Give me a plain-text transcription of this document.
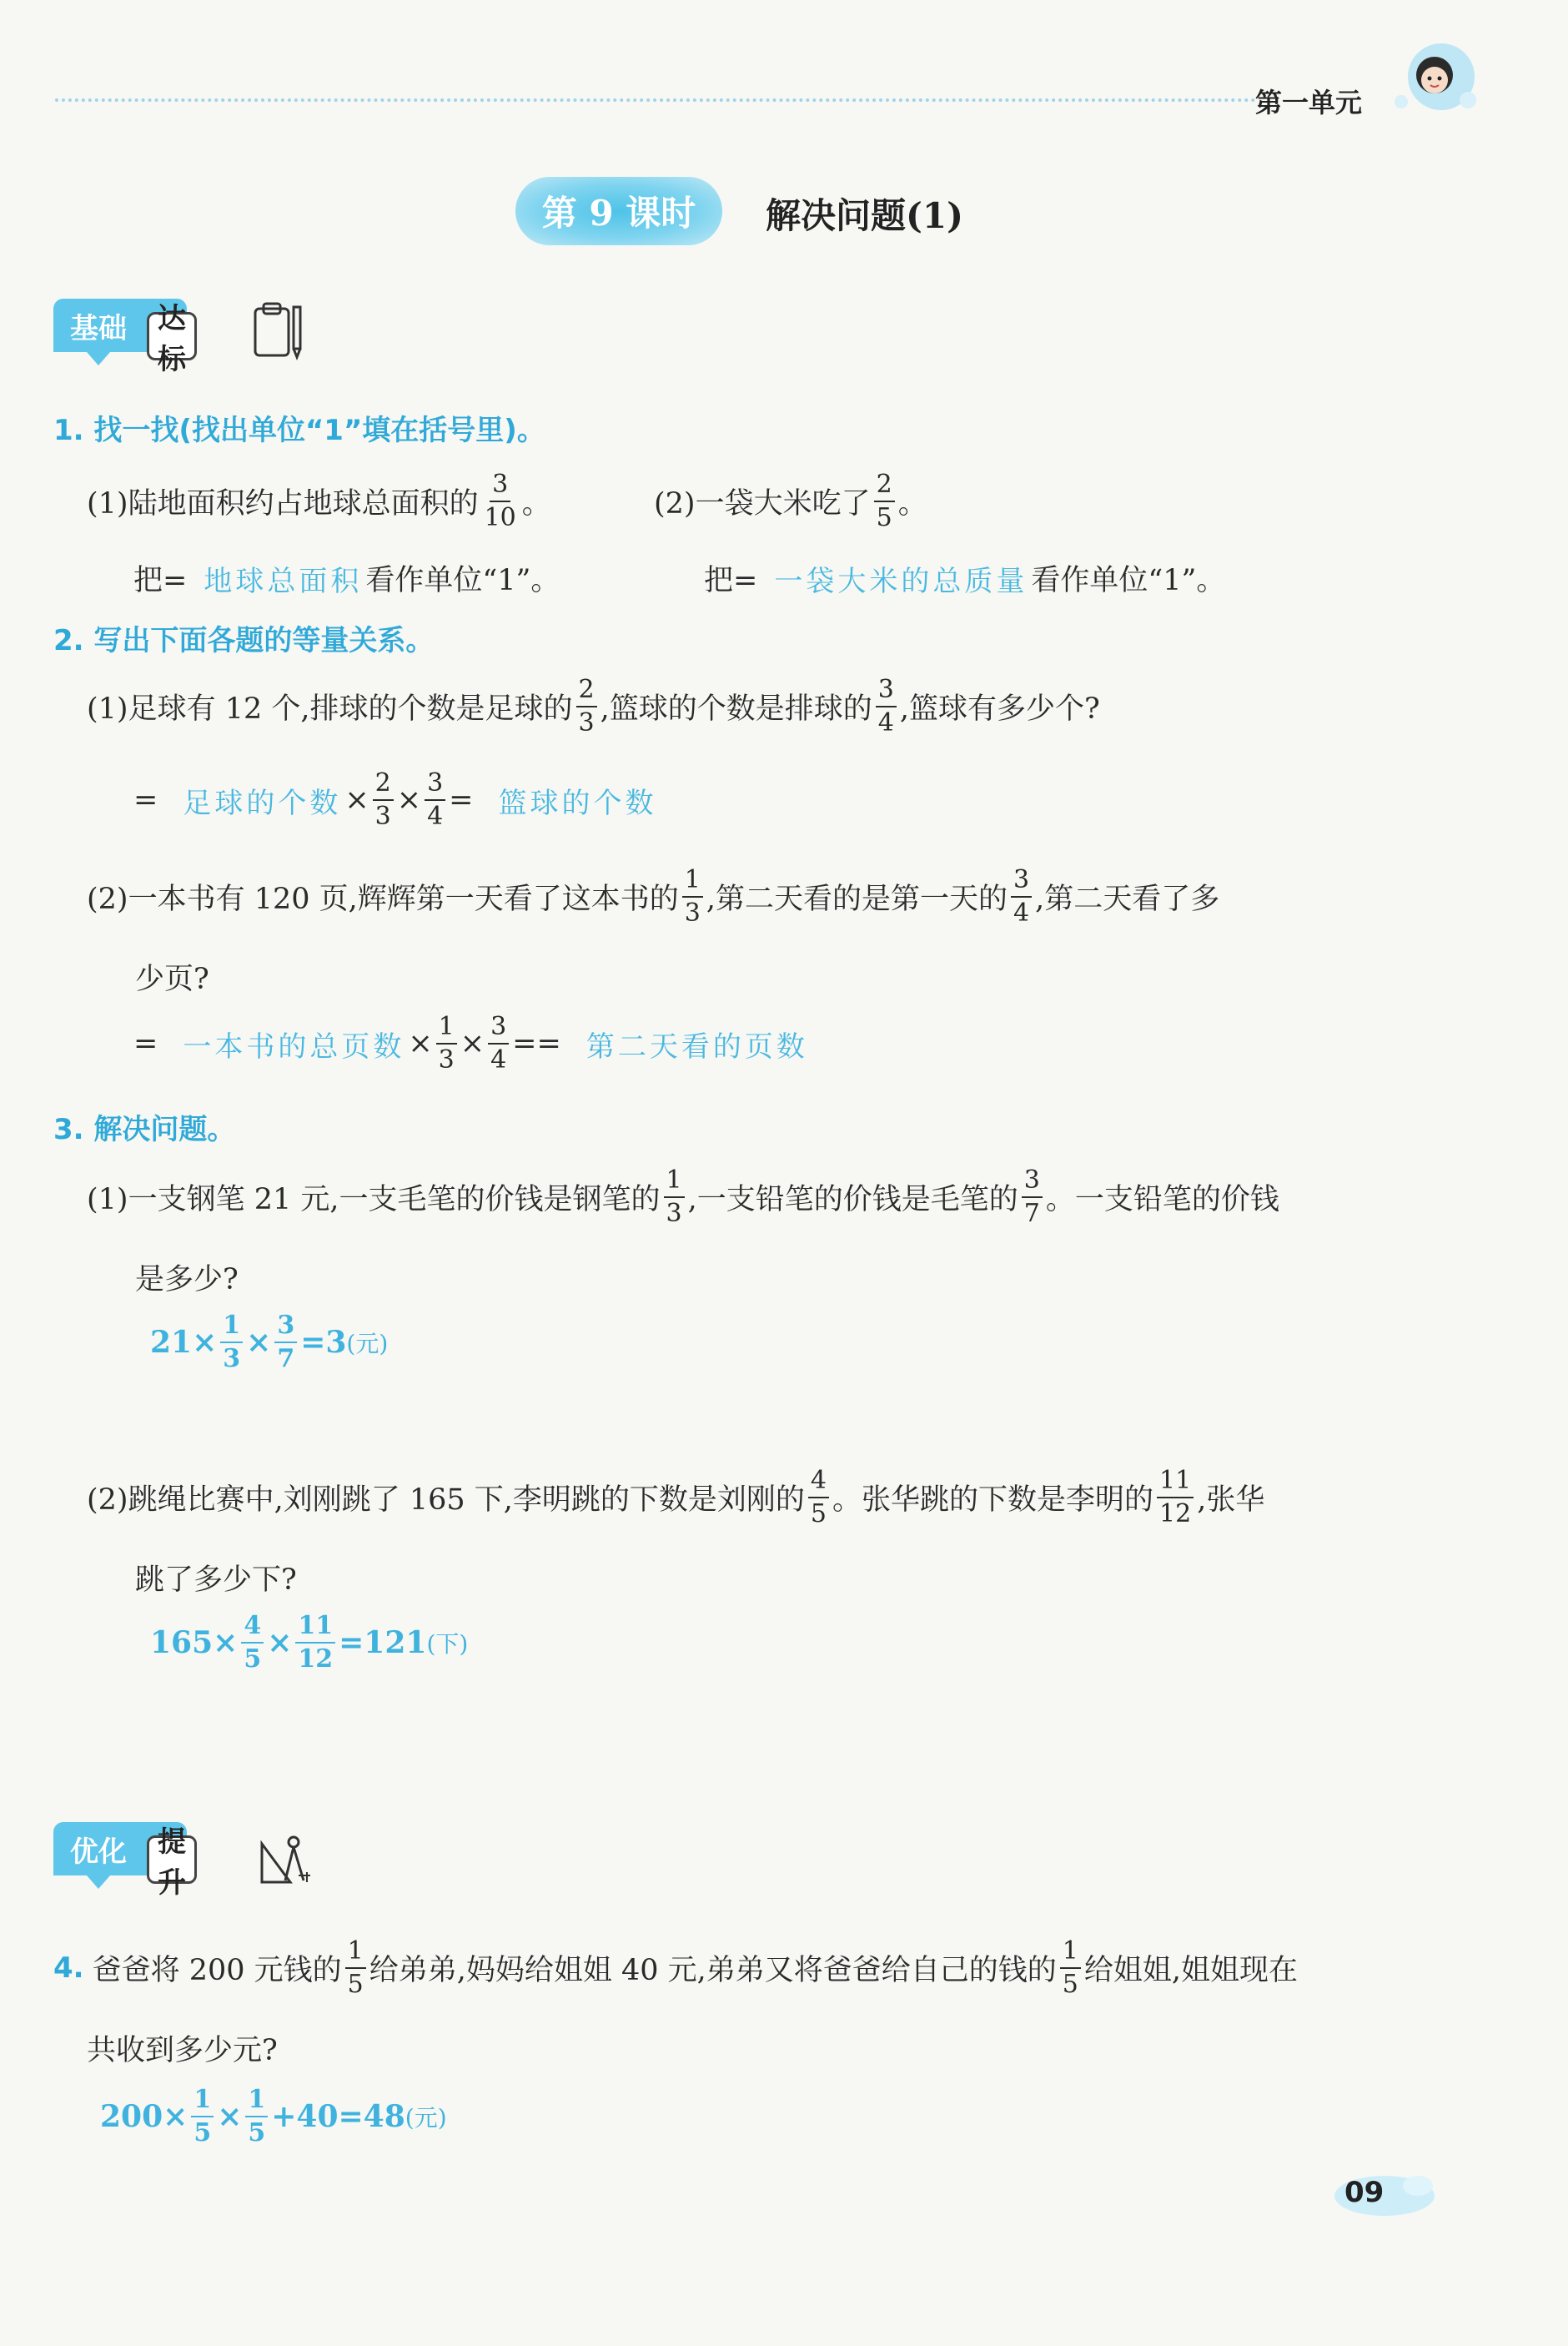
第一单元
第 9 课时	解决问题(1)
基础	达标
1. 找一找(找出单位“1”填在括号里)。
(1)陆地面积约占地球总面积的 $\frac{3}{10}$ 。	(2)一袋大米吃了 $\frac{2}{5}$ 。
把= 地球总面积 看作单位“1”。	把= 一袋大米的总质量 看作单位“1”。
2. 写出下面各题的等量关系。
(1)足球有 12 个,排球的个数是足球的 $\frac{2}{3}$ ,篮球的个数是排球的 $\frac{3}{4}$ ,篮球有多少个?
= 足球的个数 × $\frac{2}{3} \times \frac{3}{4}$ = 篮球的个数
(2)一本书有 120 页,辉辉第一天看了这本书的 $\frac{1}{3}$ ,第二天看的是第一天的 $\frac{3}{4}$ ,第二天看了多
少页?
= 一本书的总页数 × $\frac{1}{3} \times \frac{3}{4}$ == 第二天看的页数
3. 解决问题。
(1)一支钢笔 21 元,一支毛笔的价钱是钢笔的 $\frac{1}{3}$ ,一支铅笔的价钱是毛笔的 $\frac{3}{7}$ 。一支铅笔的价钱
是多少?
$21 \times \frac{1}{3} \times \frac{3}{7} =3$ (元)
(2)跳绳比赛中,刘刚跳了 165 下,李明跳的下数是刘刚的 $\frac{4}{5}$ 。张华跳的下数是李明的 $\frac{11}{12}$ ,张华
跳了多少下?
$165 \times \frac{4}{5} \times \frac{11}{12} =121$ (下)
优化	提升
4. 爸爸将 200 元钱的 $\frac{1}{5}$ 给弟弟,妈妈给姐姐 40 元,弟弟又将爸爸给自己的钱的 $\frac{1}{5}$ 给姐姐,姐姐现在
共收到多少元?
$200 \times \frac{1}{5} \times \frac{1}{5} +40=48$ (元)
09
